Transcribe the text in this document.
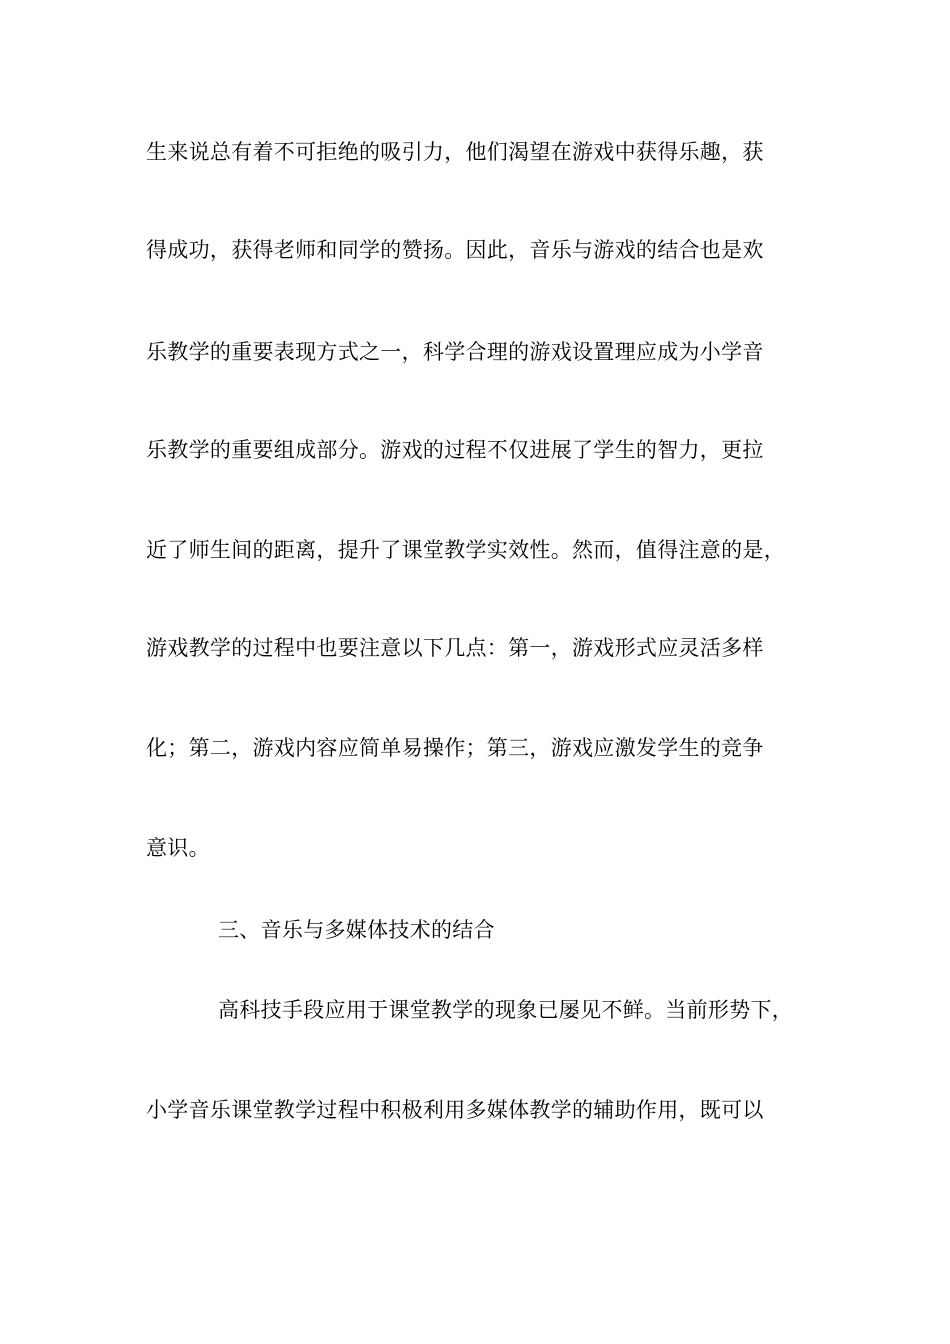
生来说总有着不可拒绝的吸引力，他们渴望在游戏中获得乐趣，获
得成功，获得老师和同学的赞扬。因此，音乐与游戏的结合也是欢
乐教学的重要表现方式之一，科学合理的游戏设置理应成为小学音
乐教学的重要组成部分。游戏的过程不仅进展了学生的智力，更拉
近了师生间的距离，提升了课堂教学实效性。然而，值得注意的是，
游戏教学的过程中也要注意以下几点：第一，游戏形式应灵活多样
化；第二，游戏内容应简单易操作；第三，游戏应激发学生的竞争
意识。
三、音乐与多媒体技术的结合
高科技手段应用于课堂教学的现象已屡见不鲜。当前形势下，
小学音乐课堂教学过程中积极利用多媒体教学的辅助作用，既可以
